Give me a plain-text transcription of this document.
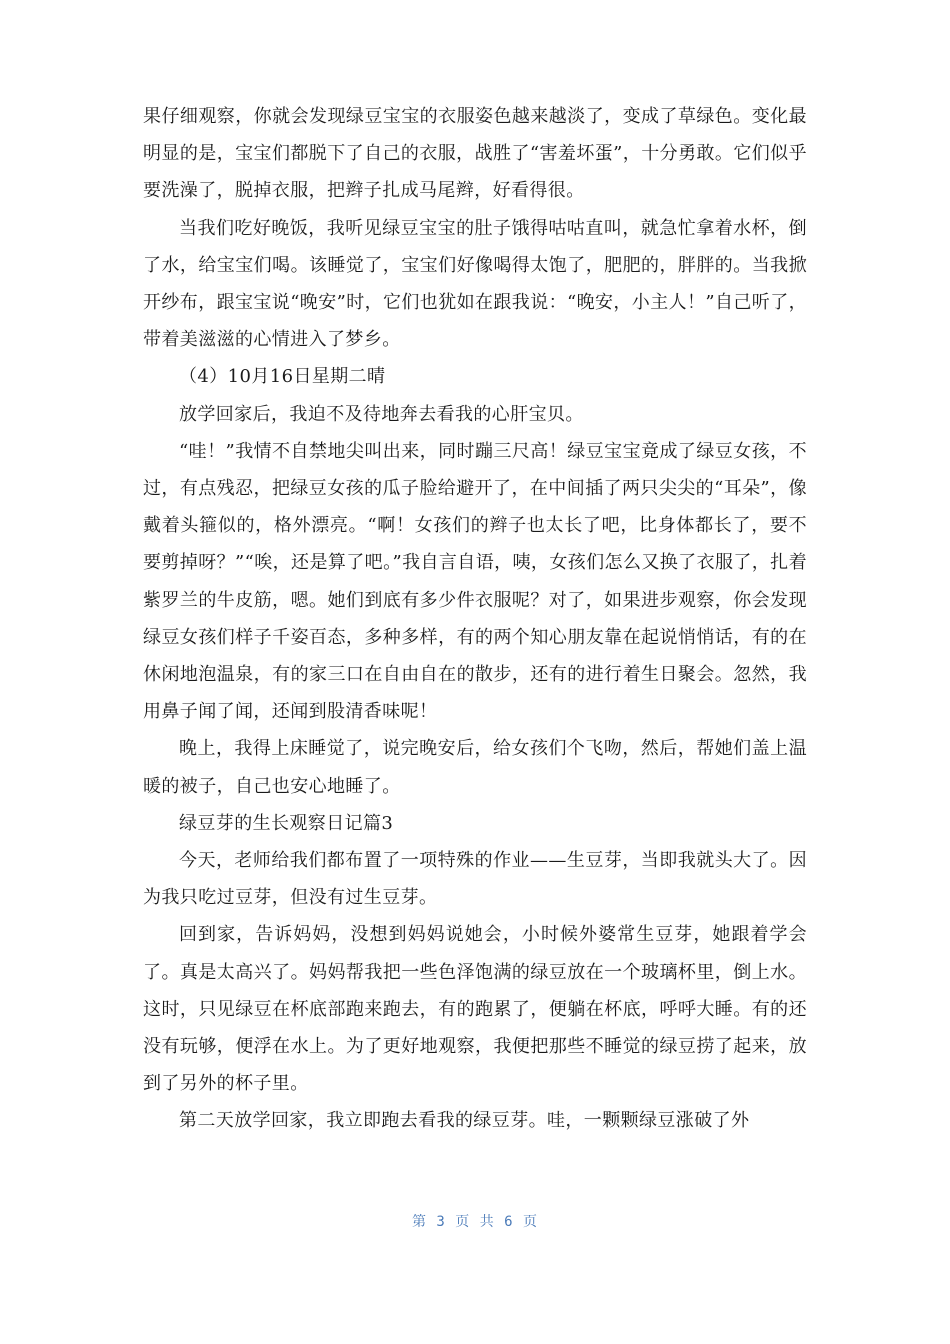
果仔细观察，你就会发现绿豆宝宝的衣服姿色越来越淡了，变成了草绿色。变化最明显的是，宝宝们都脱下了自己的衣服，战胜了“害羞坏蛋”，十分勇敢。它们似乎要洗澡了，脱掉衣服，把辫子扎成马尾辫，好看得很。

当我们吃好晚饭，我听见绿豆宝宝的肚子饿得咕咕直叫，就急忙拿着水杯，倒了水，给宝宝们喝。该睡觉了，宝宝们好像喝得太饱了，肥肥的，胖胖的。当我掀开纱布，跟宝宝说“晚安”时，它们也犹如在跟我说：“晚安，小主人！”自己听了，带着美滋滋的心情进入了梦乡。

（4）10月16日星期二晴

放学回家后，我迫不及待地奔去看我的心肝宝贝。

“哇！”我情不自禁地尖叫出来，同时蹦三尺高！绿豆宝宝竟成了绿豆女孩，不过，有点残忍，把绿豆女孩的瓜子脸给避开了，在中间插了两只尖尖的“耳朵”，像戴着头箍似的，格外漂亮。“啊！女孩们的辫子也太长了吧，比身体都长了，要不要剪掉呀？”“唉，还是算了吧。”我自言自语，咦，女孩们怎么又换了衣服了，扎着紫罗兰的牛皮筋，嗯。她们到底有多少件衣服呢？对了，如果进步观察，你会发现绿豆女孩们样子千姿百态，多种多样，有的两个知心朋友靠在起说悄悄话，有的在休闲地泡温泉，有的家三口在自由自在的散步，还有的进行着生日聚会。忽然，我用鼻子闻了闻，还闻到股清香味呢！

晚上，我得上床睡觉了，说完晚安后，给女孩们个飞吻，然后，帮她们盖上温暖的被子，自己也安心地睡了。

绿豆芽的生长观察日记篇3

今天，老师给我们都布置了一项特殊的作业——生豆芽，当即我就头大了。因为我只吃过豆芽，但没有过生豆芽。

回到家，告诉妈妈，没想到妈妈说她会，小时候外婆常生豆芽，她跟着学会了。真是太高兴了。妈妈帮我把一些色泽饱满的绿豆放在一个玻璃杯里，倒上水。这时，只见绿豆在杯底部跑来跑去，有的跑累了，便躺在杯底，呼呼大睡。有的还没有玩够，便浮在水上。为了更好地观察，我便把那些不睡觉的绿豆捞了起来，放到了另外的杯子里。

第二天放学回家，我立即跑去看我的绿豆芽。哇，一颗颗绿豆涨破了外

第 3 页 共 6 页
